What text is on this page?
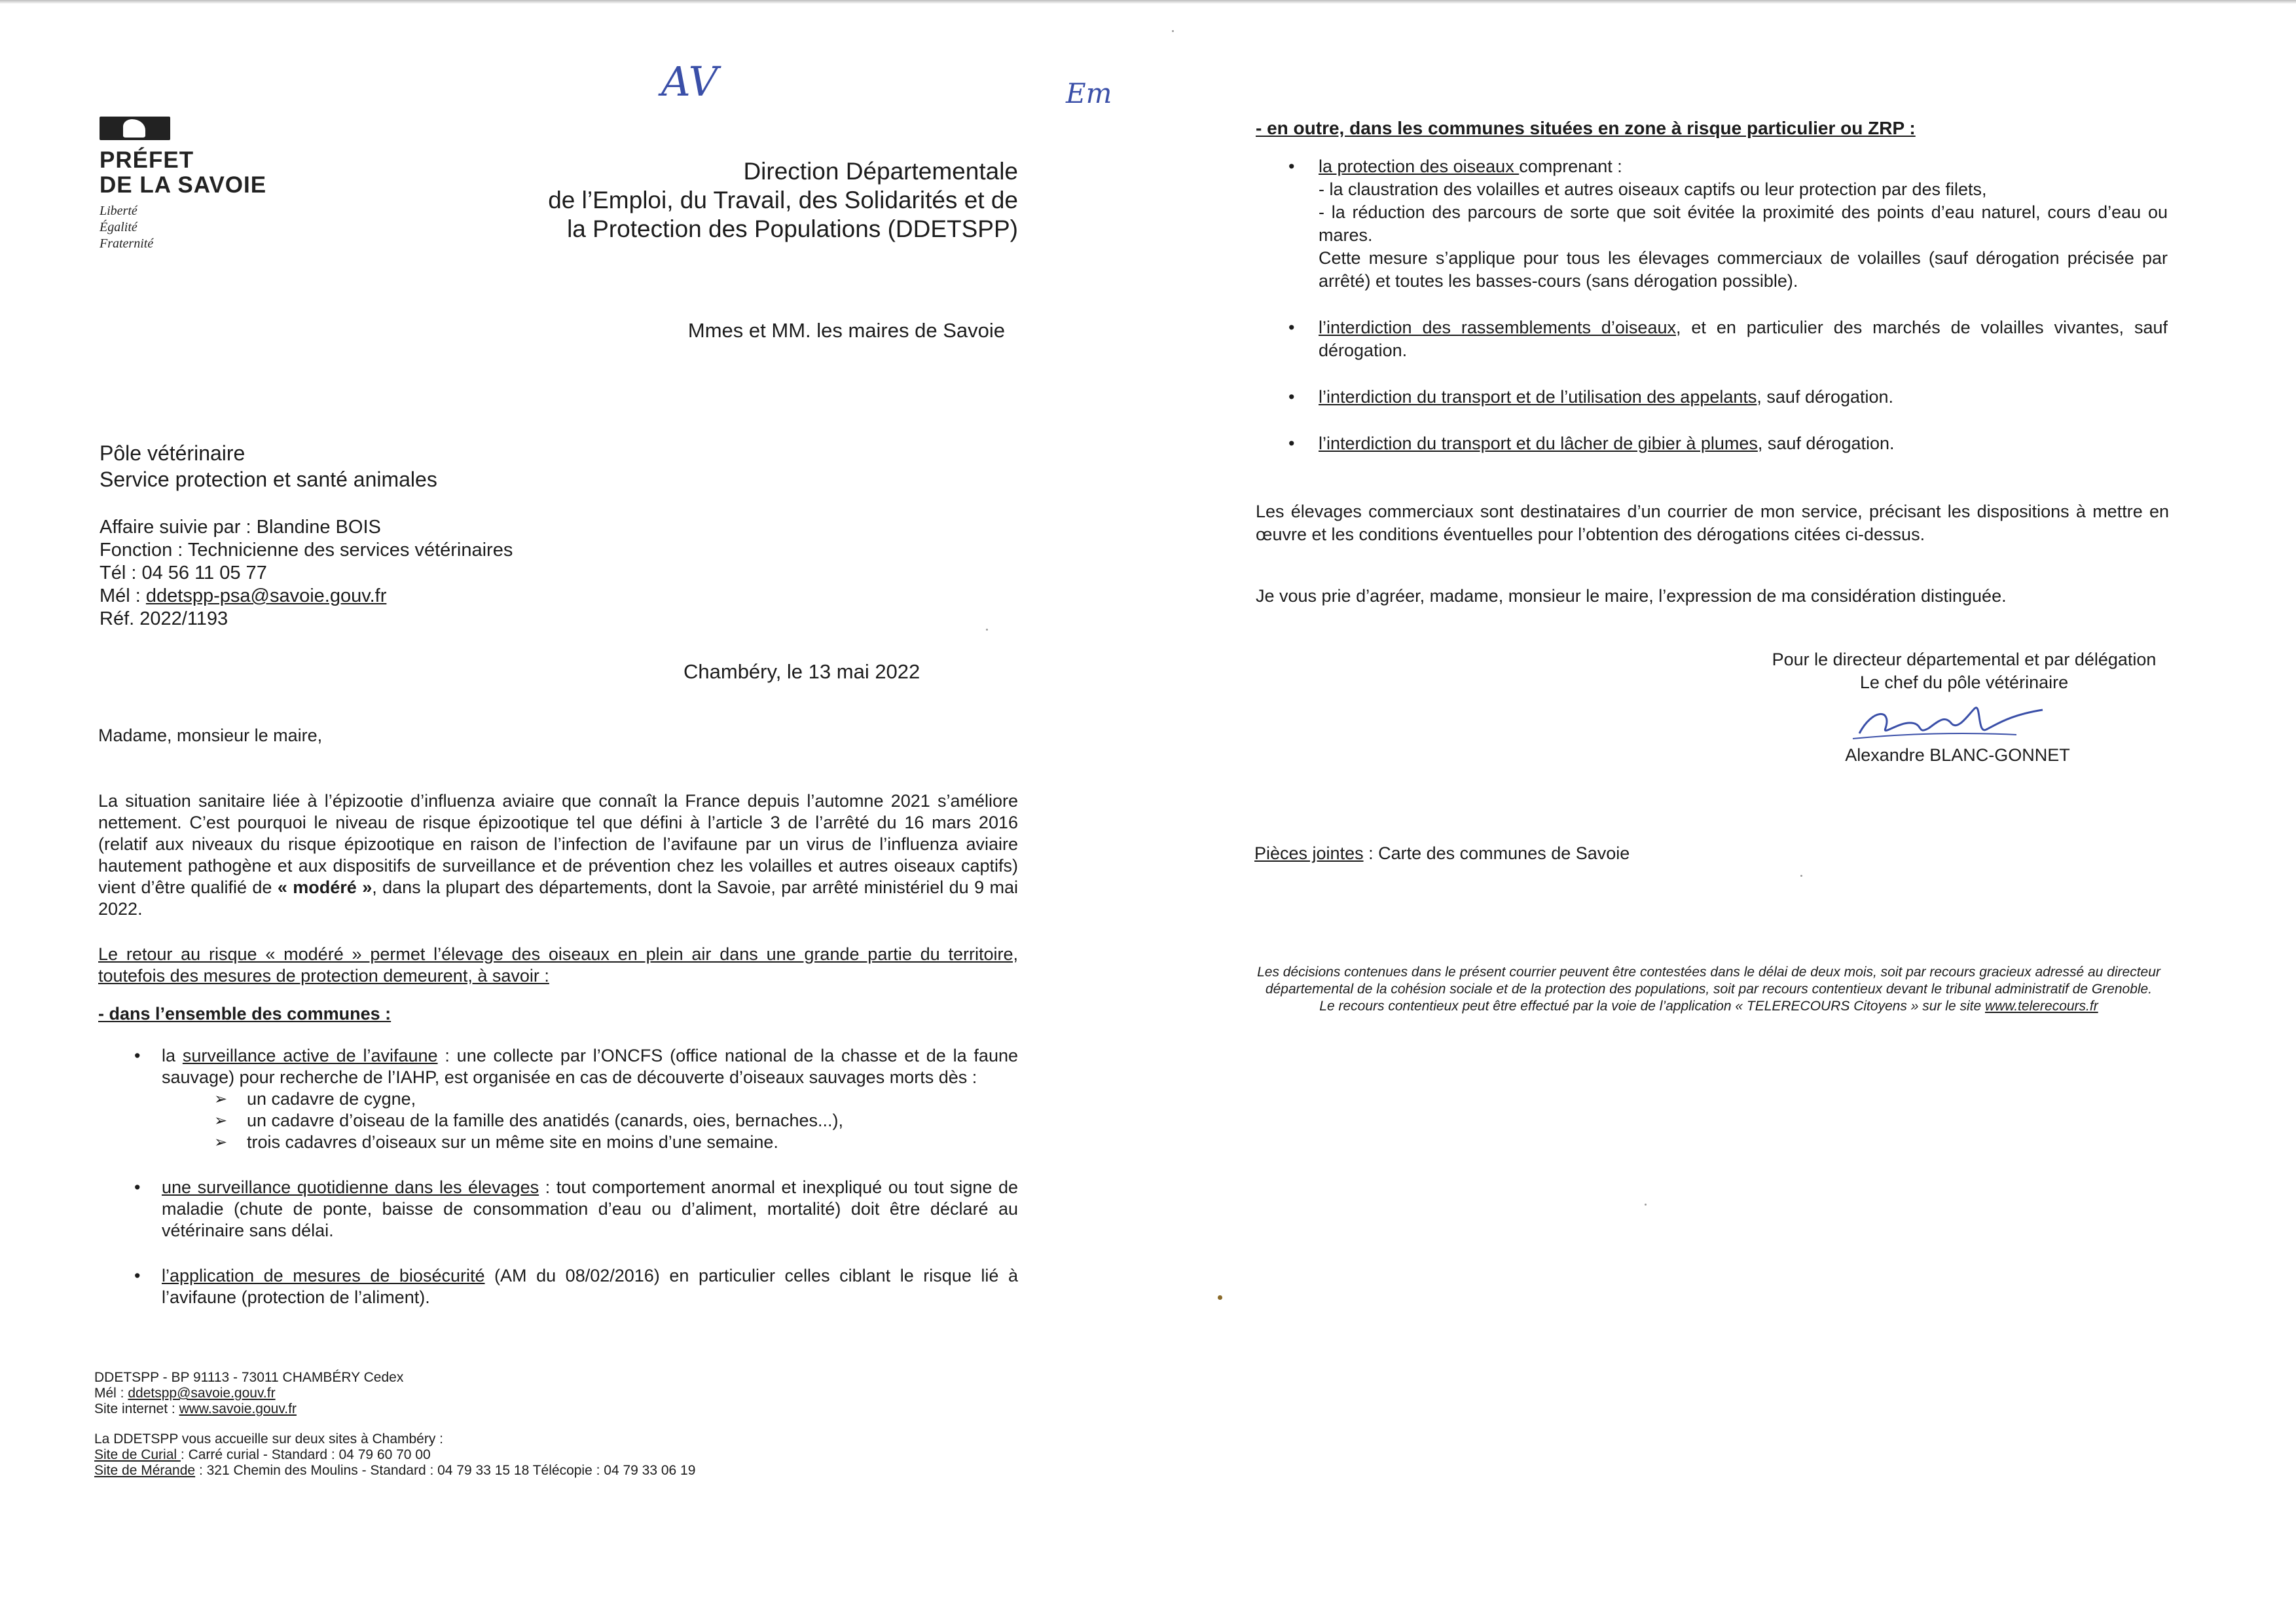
AV	Em
PRÉFET
DE LA SAVOIE
Liberté
Égalité
Fraternité
Direction Départementale
de l’Emploi, du Travail, des Solidarités et de
la Protection des Populations (DDETSPP)
Mmes et MM. les maires de Savoie
Pôle vétérinaire
Service protection et santé animales
Affaire suivie par : Blandine BOIS
Fonction : Technicienne des services vétérinaires
Tél : 04 56 11 05 77
Mél : ddetspp-psa@savoie.gouv.fr
Réf. 2022/1193
Chambéry, le 13 mai 2022
Madame, monsieur le maire,
La situation sanitaire liée à l’épizootie d’influenza aviaire que connaît la France depuis l’automne 2021 s’améliore nettement. C’est pourquoi le niveau de risque épizootique tel que défini à l’article 3 de l’arrêté du 16 mars 2016 (relatif aux niveaux du risque épizootique en raison de l’infection de l’avifaune par un virus de l’influenza aviaire hautement pathogène et aux dispositifs de surveillance et de prévention chez les volailles et autres oiseaux captifs) vient d’être qualifié de « modéré », dans la plupart des départements, dont la Savoie, par arrêté ministériel du 9 mai 2022.
Le retour au risque « modéré » permet l’élevage des oiseaux en plein air dans une grande partie du territoire, toutefois des mesures de protection demeurent, à savoir :
- dans l’ensemble des communes :
• la surveillance active de l’avifaune : une collecte par l’ONCFS (office national de la chasse et de la faune sauvage) pour recherche de l’IAHP, est organisée en cas de découverte d’oiseaux sauvages morts dès :
➢ un cadavre de cygne,
➢ un cadavre d’oiseau de la famille des anatidés (canards, oies, bernaches...),
➢ trois cadavres d’oiseaux sur un même site en moins d’une semaine.
• une surveillance quotidienne dans les élevages : tout comportement anormal et inexpliqué ou tout signe de maladie (chute de ponte, baisse de consommation d’eau ou d’aliment, mortalité) doit être déclaré au vétérinaire sans délai.
• l’application de mesures de biosécurité (AM du 08/02/2016) en particulier celles ciblant le risque lié à l’avifaune (protection de l’aliment).
DDETSPP - BP 91113 - 73011 CHAMBÉRY Cedex
Mél : ddetspp@savoie.gouv.fr
Site internet : www.savoie.gouv.fr
La DDETSPP vous accueille sur deux sites à Chambéry :
Site de Curial : Carré curial - Standard : 04 79 60 70 00
Site de Mérande : 321 Chemin des Moulins - Standard : 04 79 33 15 18 Télécopie : 04 79 33 06 19
- en outre, dans les communes situées en zone à risque particulier ou ZRP :
• la protection des oiseaux comprenant :
- la claustration des volailles et autres oiseaux captifs ou leur protection par des filets,
- la réduction des parcours de sorte que soit évitée la proximité des points d’eau naturel, cours d’eau ou mares.
Cette mesure s’applique pour tous les élevages commerciaux de volailles (sauf dérogation précisée par arrêté) et toutes les basses-cours (sans dérogation possible).
• l’interdiction des rassemblements d’oiseaux, et en particulier des marchés de volailles vivantes, sauf dérogation.
• l’interdiction du transport et de l’utilisation des appelants, sauf dérogation.
• l’interdiction du transport et du lâcher de gibier à plumes, sauf dérogation.
Les élevages commerciaux sont destinataires d’un courrier de mon service, précisant les dispositions à mettre en œuvre et les conditions éventuelles pour l’obtention des dérogations citées ci-dessus.
Je vous prie d’agréer, madame, monsieur le maire, l’expression de ma considération distinguée.
Pour le directeur départemental et par délégation
Le chef du pôle vétérinaire
Alexandre BLANC-GONNET
Pièces jointes : Carte des communes de Savoie
Les décisions contenues dans le présent courrier peuvent être contestées dans le délai de deux mois, soit par recours gracieux adressé au directeur
départemental de la cohésion sociale et de la protection des populations, soit par recours contentieux devant le tribunal administratif de Grenoble.
Le recours contentieux peut être effectué par la voie de l’application « TELERECOURS Citoyens » sur le site www.telerecours.fr
